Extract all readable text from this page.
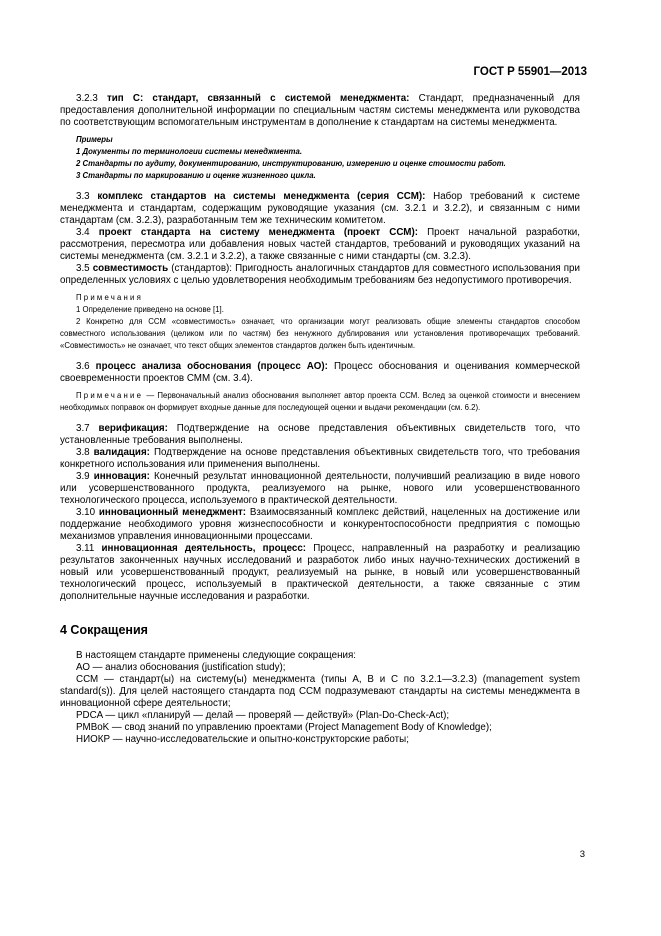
ГОСТ Р 55901—2013

3.2.3 тип С: стандарт, связанный с системой менеджмента: Стандарт, предназначенный для предоставления дополнительной информации по специальным частям системы менеджмента или руководства по соответствующим вспомогательным инструментам в дополнение к стандартам на системы менеджмента.

Примеры

1 Документы по терминологии системы менеджмента.

2 Стандарты по аудиту, документированию, инструктированию, измерению и оценке стоимости работ.

3 Стандарты по маркированию и оценке жизненного цикла.

3.3 комплекс стандартов на системы менеджмента (серия ССМ): Набор требований к системе менеджмента и стандартам, содержащим руководящие указания (см. 3.2.1 и 3.2.2), и связанным с ними стандартам (см. 3.2.3), разработанным тем же техническим комитетом.

3.4 проект стандарта на систему менеджмента (проект ССМ): Проект начальной разработки, рассмотрения, пересмотра или добавления новых частей стандартов, требований и руководящих указаний на системы менеджмента (см. 3.2.1 и 3.2.2), а также связанные с ними стандарты (см. 3.2.3).

3.5 совместимость (стандартов): Пригодность аналогичных стандартов для совместного использования при определенных условиях с целью удовлетворения необходимым требованиям без недопустимого противоречия.

Примечания

1 Определение приведено на основе [1].

2 Конкретно для ССМ «совместимость» означает, что организации могут реализовать общие элементы стандартов способом совместного использования (целиком или по частям) без ненужного дублирования или установления противоречащих требований. «Совместимость» не означает, что текст общих элементов стандартов должен быть идентичным.

3.6 процесс анализа обоснования (процесс АО): Процесс обоснования и оценивания коммерческой своевременности проектов СММ (см. 3.4).

Примечание — Первоначальный анализ обоснования выполняет автор проекта ССМ. Вслед за оценкой стоимости и внесением необходимых поправок он формирует входные данные для последующей оценки и выдачи рекомендации (см. 6.2).

3.7 верификация: Подтверждение на основе представления объективных свидетельств того, что установленные требования выполнены.

3.8 валидация: Подтверждение на основе представления объективных свидетельств того, что требования конкретного использования или применения выполнены.

3.9 инновация: Конечный результат инновационной деятельности, получивший реализацию в виде нового или усовершенствованного продукта, реализуемого на рынке, нового или усовершенствованного технологического процесса, используемого в практической деятельности.

3.10 инновационный менеджмент: Взаимосвязанный комплекс действий, нацеленных на достижение или поддержание необходимого уровня жизнеспособности и конкурентоспособности предприятия с помощью механизмов управления инновационными процессами.

3.11 инновационная деятельность, процесс: Процесс, направленный на разработку и реализацию результатов законченных научных исследований и разработок либо иных научно-технических достижений в новый или усовершенствованный продукт, реализуемый на рынке, в новый или усовершенствованный технологический процесс, используемый в практической деятельности, а также связанные с этим дополнительные научные исследования и разработки.

4 Сокращения

В настоящем стандарте применены следующие сокращения:

АО — анализ обоснования (justification study);

ССМ — стандарт(ы) на систему(ы) менеджмента (типы А, В и С по 3.2.1—3.2.3) (management system standard(s)). Для целей настоящего стандарта под ССМ подразумевают стандарты на системы менеджмента в инновационной сфере деятельности;

PDCA — цикл «планируй — делай — проверяй — действуй» (Plan-Do-Check-Act);

PMBoK — свод знаний по управлению проектами (Project Management Body of Knowledge);

НИОКР — научно-исследовательские и опытно-конструкторские работы;

3
